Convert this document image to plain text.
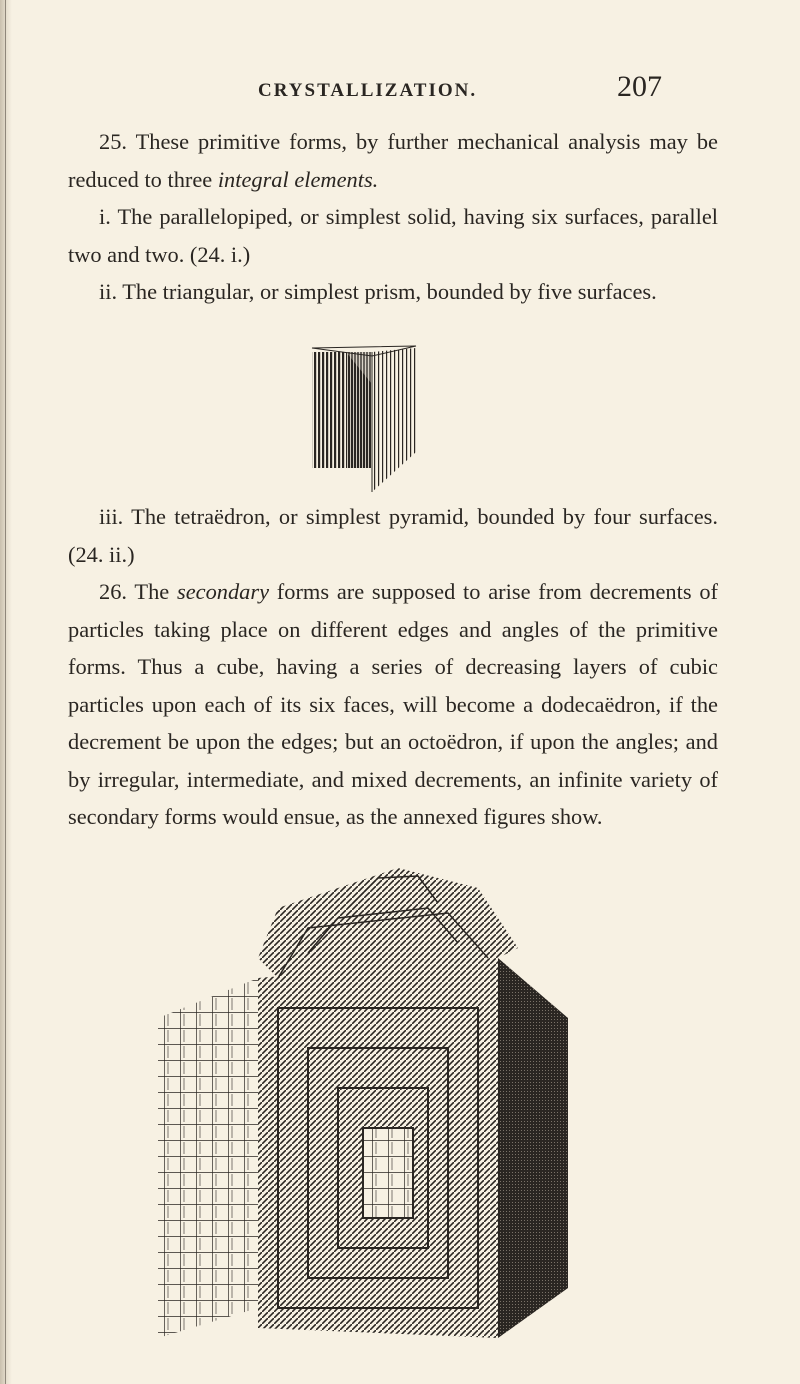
CRYSTALLIZATION.	207

25. These primitive forms, by further mechanical analysis may be reduced to three integral elements.

i. The parallelopiped, or simplest solid, having six surfaces, parallel two and two. (24. i.)

ii. The triangular, or simplest prism, bounded by five surfaces.

iii. The tetraëdron, or simplest pyramid, bounded by four surfaces. (24. ii.)

26. The secondary forms are supposed to arise from decrements of particles taking place on different edges and angles of the primitive forms. Thus a cube, having a series of decreasing layers of cubic particles upon each of its six faces, will become a dodecaëdron, if the decrement be upon the edges; but an octoëdron, if upon the angles; and by irregular, intermediate, and mixed decrements, an infinite variety of secondary forms would ensue, as the annexed figures show.
